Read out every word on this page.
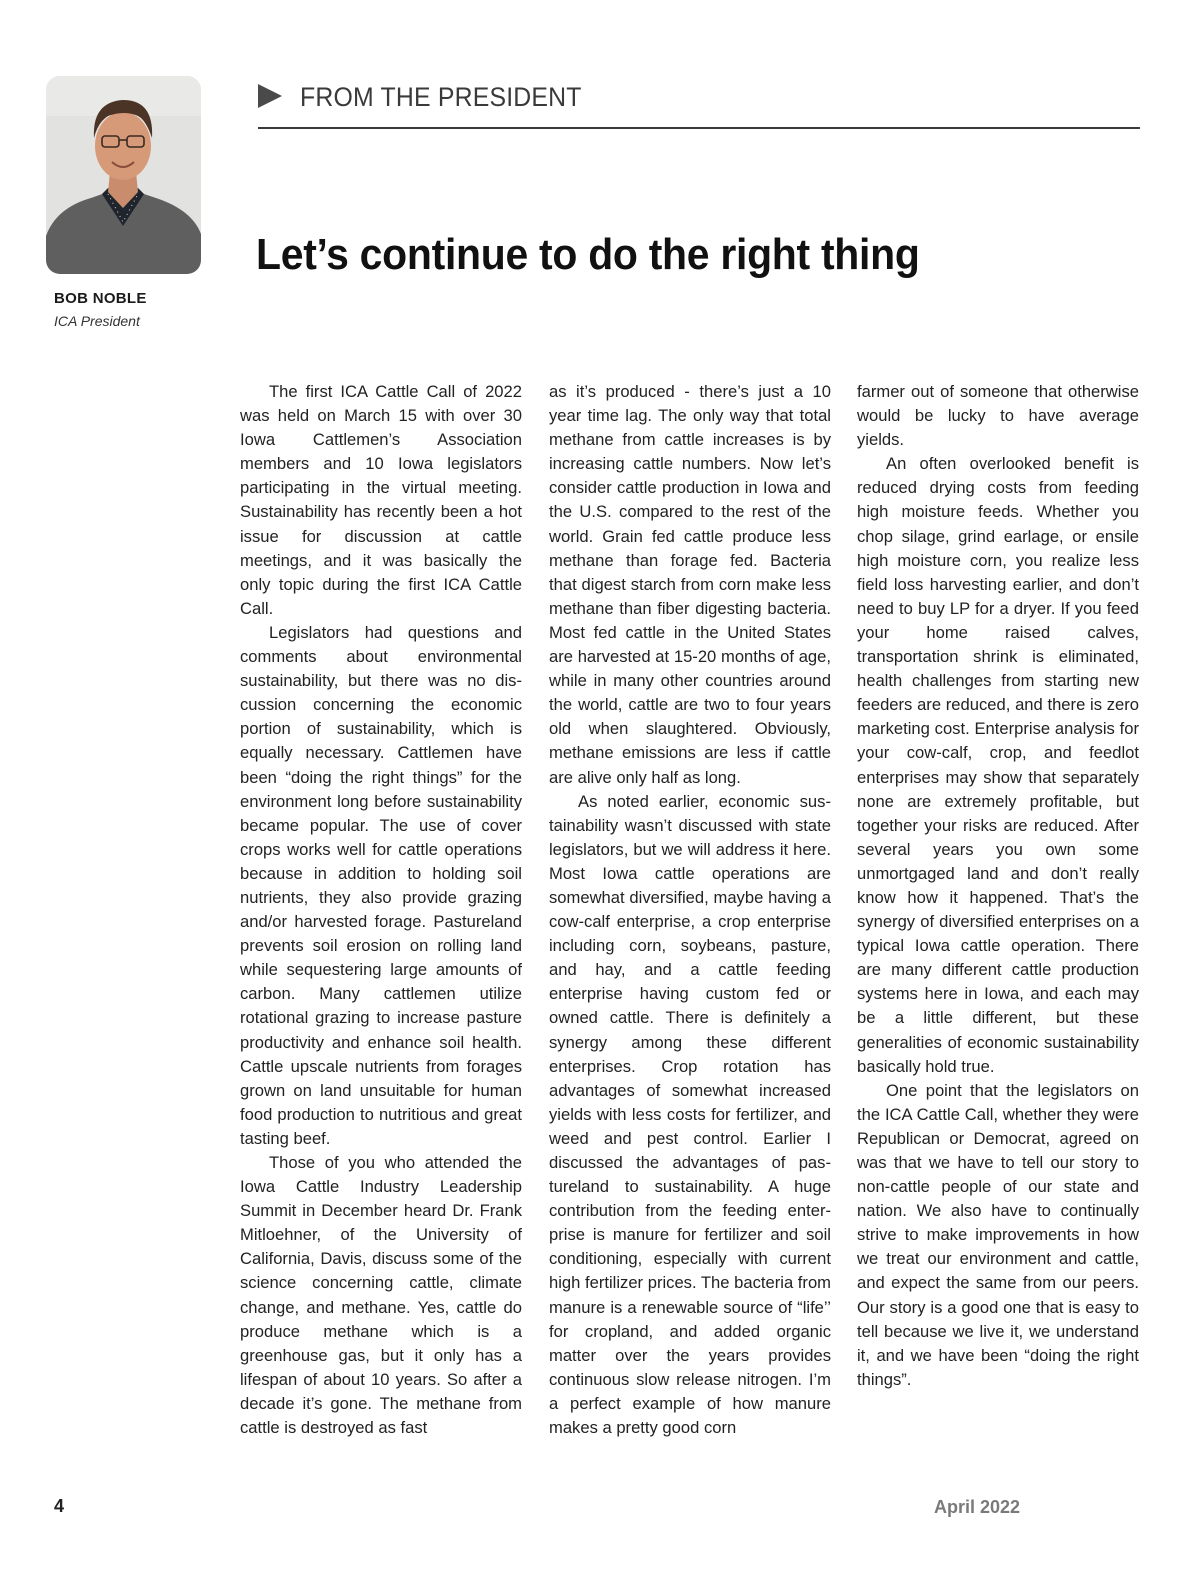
BOB NOBLE
ICA President
FROM THE PRESIDENT
Let’s continue to do the right thing

The first ICA Cattle Call of 2022 was held on March 15 with over 30 Iowa Cattlemen’s Association members and 10 Iowa legislators participating in the virtual meeting. Sustainability has recently been a hot issue for discussion at cattle meetings, and it was basically the only topic during the first ICA Cattle Call.

Legislators had questions and comments about environmental sustainability, but there was no discussion concerning the economic portion of sustainability, which is equally necessary. Cattlemen have been “doing the right things” for the environment long before sustainability became popular. The use of cover crops works well for cattle operations because in addition to holding soil nutrients, they also provide grazing and/or harvested forage. Pastureland prevents soil erosion on rolling land while sequestering large amounts of carbon. Many cattlemen utilize rotational grazing to increase pasture productivity and enhance soil health. Cattle upscale nutrients from forages grown on land unsuitable for human food production to nutritious and great tasting beef.

Those of you who attended the Iowa Cattle Industry Leadership Summit in December heard Dr. Frank Mitloehner, of the University of California, Davis, discuss some of the science concerning cattle, climate change, and methane. Yes, cattle do produce methane which is a greenhouse gas, but it only has a lifespan of about 10 years. So after a decade it’s gone. The methane from cattle is destroyed as fast

as it’s produced - there’s just a 10 year time lag. The only way that total methane from cattle increases is by increasing cattle numbers. Now let’s consider cattle production in Iowa and the U.S. compared to the rest of the world. Grain fed cattle produce less methane than forage fed. Bacteria that digest starch from corn make less methane than fiber digesting bacteria. Most fed cattle in the United States are harvested at 15-20 months of age, while in many other countries around the world, cattle are two to four years old when slaughtered. Obviously, methane emissions are less if cattle are alive only half as long.

As noted earlier, economic sustainability wasn’t discussed with state legislators, but we will address it here. Most Iowa cattle operations are somewhat diversified, maybe having a cow-calf enterprise, a crop enterprise including corn, soybeans, pasture, and hay, and a cattle feeding enterprise having custom fed or owned cattle. There is definitely a synergy among these different enterprises. Crop rotation has advantages of somewhat increased yields with less costs for fertilizer, and weed and pest control. Earlier I discussed the advantages of pastureland to sustainability. A huge contribution from the feeding enterprise is manure for fertilizer and soil conditioning, especially with current high fertilizer prices. The bacteria from manure is a renewable source of “life’’ for cropland, and added organic matter over the years provides continuous slow release nitrogen. I’m a perfect example of how manure makes a pretty good corn

farmer out of someone that otherwise would be lucky to have average yields.

An often overlooked benefit is reduced drying costs from feeding high moisture feeds. Whether you chop silage, grind earlage, or ensile high moisture corn, you realize less field loss harvesting earlier, and don’t need to buy LP for a dryer. If you feed your home raised calves, transportation shrink is eliminated, health challenges from starting new feeders are reduced, and there is zero marketing cost. Enterprise analysis for your cow-calf, crop, and feedlot enterprises may show that separately none are extremely profitable, but together your risks are reduced. After several years you own some unmortgaged land and don’t really know how it happened. That’s the synergy of diversified enterprises on a typical Iowa cattle operation. There are many different cattle production systems here in Iowa, and each may be a little different, but these generalities of economic sustainability basically hold true.

One point that the legislators on the ICA Cattle Call, whether they were Republican or Democrat, agreed on was that we have to tell our story to non-cattle people of our state and nation. We also have to continually strive to make improvements in how we treat our environment and cattle, and expect the same from our peers. Our story is a good one that is easy to tell because we live it, we understand it, and we have been “doing the right things”.

4	April 2022
